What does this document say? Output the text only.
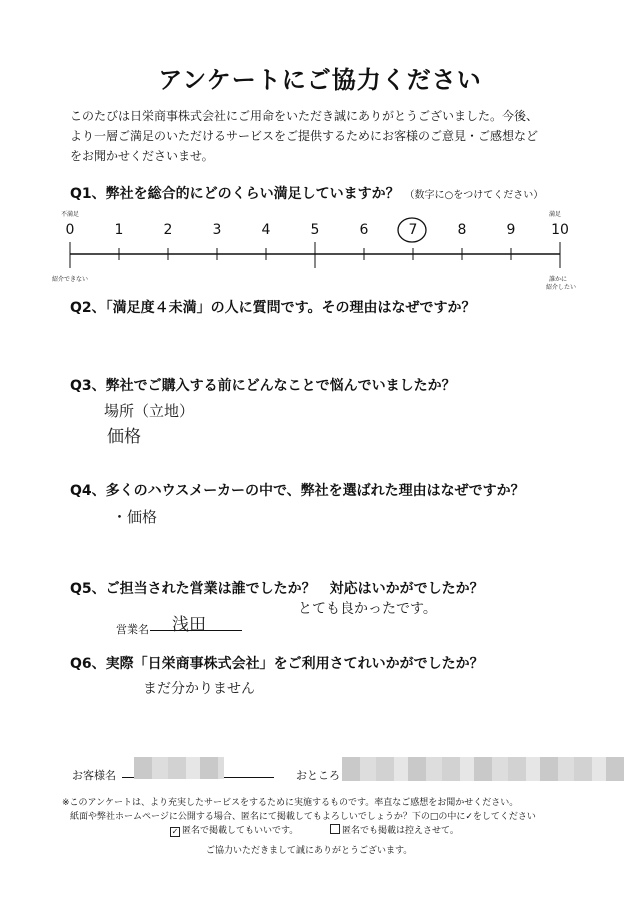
アンケートにご協力ください
このたびは日栄商事株式会社にご用命をいただき誠にありがとうございました。今後、
より一層ご満足のいただけるサービスをご提供するためにお客様のご意見・ご感想など
をお聞かせくださいませ。
Q1、弊社を総合的にどのくらい満足していますか？ （数字に○をつけてください）
不満足	満足
0	1	2	3	4	5	6	7	8	9	10
紹介できない	誰かに
紹介したい
Q2、「満足度４未満」の人に質問です。その理由はなぜですか？
Q3、弊社でご購入する前にどんなことで悩んでいましたか？
場所（立地）
価格
Q4、多くのハウスメーカーの中で、弊社を選ばれた理由はなぜですか？
・価格
Q5、ご担当された営業は誰でしたか？　対応はいかがでしたか？
とても良かったです。
営業名 浅田
Q6、実際「日栄商事株式会社」をご利用さてれいかがでしたか？
まだ分かりません
お客様名	おところ
※このアンケートは、より充実したサービスをするために実施するものです。率直なご感想をお聞かせください。
紙面や弊社ホームページに公開する場合、匿名にて掲載してもよろしいでしょうか？下の□の中に✓をしてください
✓ 匿名で掲載してもいいです。	匿名でも掲載は控えさせて。
ご協力いただきまして誠にありがとうございます。
